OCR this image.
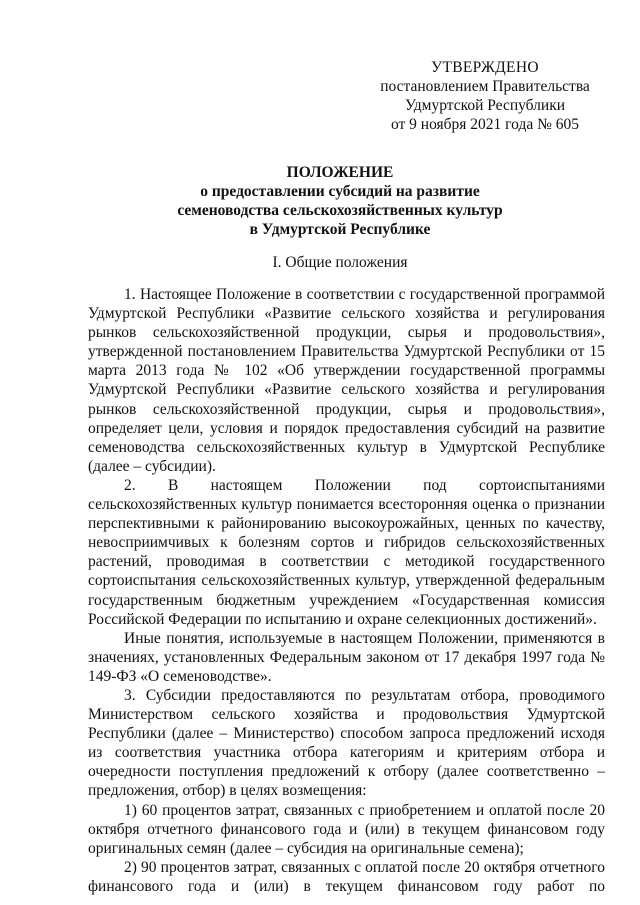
УТВЕРЖДЕНО
постановлением Правительства
Удмуртской Республики
от 9 ноября 2021 года № 605
ПОЛОЖЕНИЕ
о предоставлении субсидий на развитие
семеноводства сельскохозяйственных культур
в Удмуртской Республике
I. Общие положения

1. Настоящее Положение в соответствии с государственной программой Удмуртской Республики «Развитие сельского хозяйства и регулирования рынков сельскохозяйственной продукции, сырья и продовольствия», утвержденной постановлением Правительства Удмуртской Республики от 15 марта 2013 года № 102 «Об утверждении государственной программы Удмуртской Республики «Развитие сельского хозяйства и регулирования рынков сельскохозяйственной продукции, сырья и продовольствия», определяет цели, условия и порядок предоставления субсидий на развитие семеноводства сельскохозяйственных культур в Удмуртской Республике (далее – субсидии).

2. В настоящем Положении под сортоиспытаниями сельскохозяйственных культур понимается всесторонняя оценка о признании перспективными к районированию высокоурожайных, ценных по качеству, невосприимчивых к болезням сортов и гибридов сельскохозяйственных растений, проводимая в соответствии с методикой государственного сортоиспытания сельскохозяйственных культур, утвержденной федеральным государственным бюджетным учреждением «Государственная комиссия Российской Федерации по испытанию и охране селекционных достижений».

Иные понятия, используемые в настоящем Положении, применяются в значениях, установленных Федеральным законом от 17 декабря 1997 года № 149-ФЗ «О семеноводстве».

3. Субсидии предоставляются по результатам отбора, проводимого Министерством сельского хозяйства и продовольствия Удмуртской Республики (далее – Министерство) способом запроса предложений исходя из соответствия участника отбора категориям и критериям отбора и очередности поступления предложений к отбору (далее соответственно – предложения, отбор) в целях возмещения:

1) 60 процентов затрат, связанных с приобретением и оплатой после 20 октября отчетного финансового года и (или) в текущем финансовом году оригинальных семян (далее – субсидия на оригинальные семена);

2) 90 процентов затрат, связанных с оплатой после 20 октября отчетного финансового года и (или) в текущем финансовом году работ по
